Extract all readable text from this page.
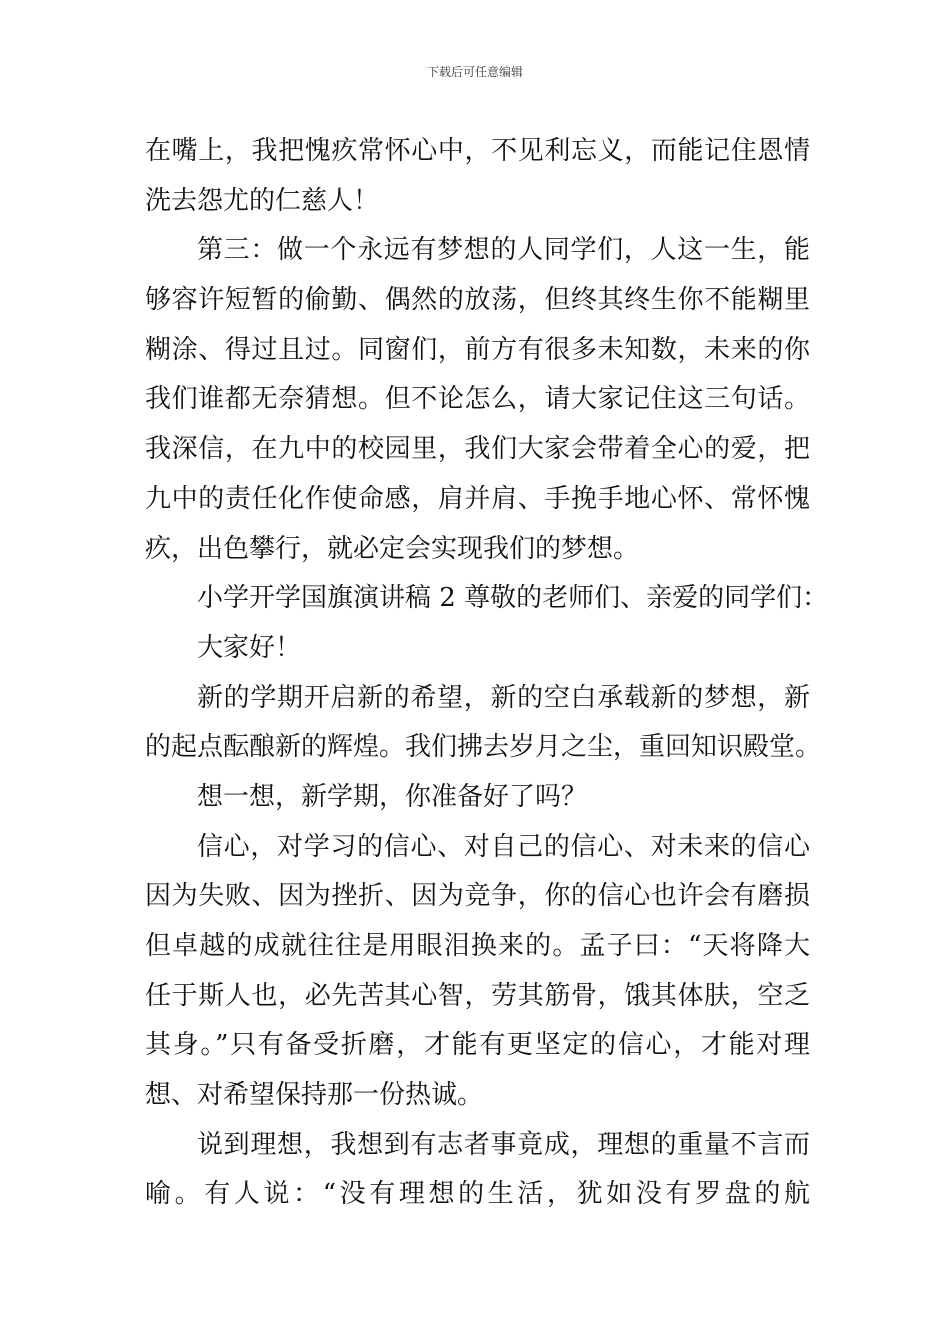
下载后可任意编辑
在嘴上，我把愧疚常怀心中，不见利忘义，而能记住恩情
洗去怨尤的仁慈人！
第三：做一个永远有梦想的人同学们，人这一生，能
够容许短暂的偷勤、偶然的放荡，但终其终生你不能糊里
糊涂、得过且过。同窗们，前方有很多未知数，未来的你
我们谁都无奈猜想。但不论怎么，请大家记住这三句话。
我深信，在九中的校园里，我们大家会带着全心的爱，把
九中的责任化作使命感，肩并肩、手挽手地心怀、常怀愧
疚，出色攀行，就必定会实现我们的梦想。
小学开学国旗演讲稿 2 尊敬的老师们、亲爱的同学们：
大家好！
新的学期开启新的希望，新的空白承载新的梦想，新
的起点酝酿新的辉煌。我们拂去岁月之尘，重回知识殿堂。
想一想，新学期，你准备好了吗？
信心，对学习的信心、对自己的信心、对未来的信心
因为失败、因为挫折、因为竞争，你的信心也许会有磨损
但卓越的成就往往是用眼泪换来的。孟子曰：“天将降大
任于斯人也，必先苦其心智，劳其筋骨，饿其体肤，空乏
其身。”只有备受折磨，才能有更坚定的信心，才能对理
想、对希望保持那一份热诚。
说到理想，我想到有志者事竟成，理想的重量不言而
喻。有人说：“没有理想的生活，犹如没有罗盘的航
